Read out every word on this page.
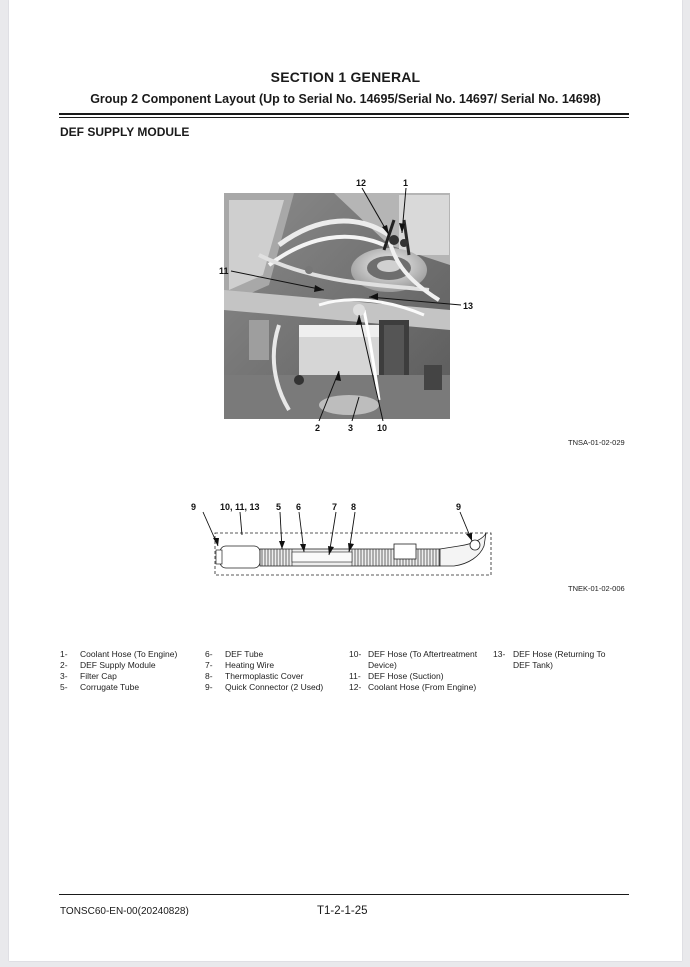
SECTION 1 GENERAL
Group 2 Component Layout (Up to Serial No. 14695/Serial No. 14697/ Serial No. 14698)
DEF SUPPLY MODULE
12	1
11
13
2	3	10
TNSA-01-02-029
9	10, 11, 13 5 6	7 8	9
TNEK-01-02-006
1-	Coolant Hose (To Engine)
2-	DEF Supply Module
3-	Filter Cap
5-	Corrugate Tube
6-	DEF Tube
7-	Heating Wire
8-	Thermoplastic Cover
9-	Quick Connector (2 Used)
10- DEF Hose (To Aftertreatment Device)
11- DEF Hose (Suction)
12- Coolant Hose (From Engine)
13- DEF Hose (Returning To DEF Tank)
TONSC60-EN-00(20240828)	T1-2-1-25
